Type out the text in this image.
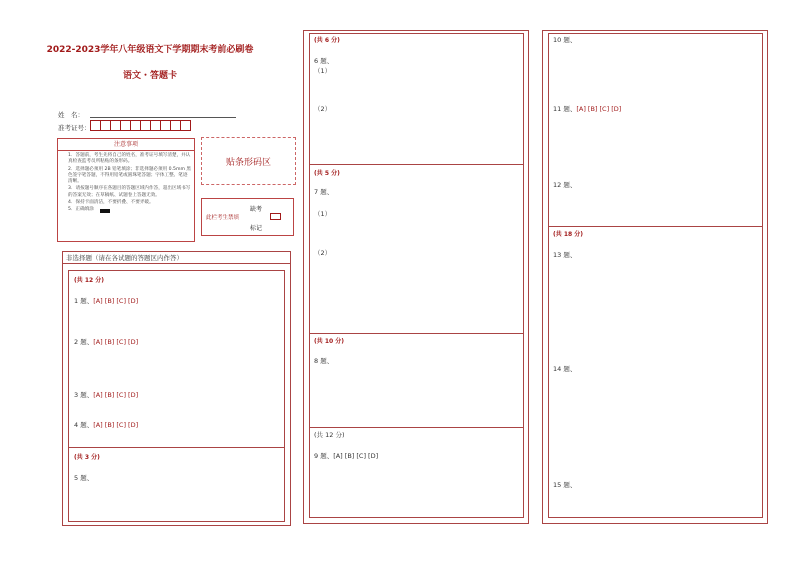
2022-2023学年八年级语文下学期期末考前必刷卷
语文・答题卡
姓　名：
准考证号：
注意事项
1．答题前，考生先将自己的姓名，准考证号填写清楚，并认真检查监考员所粘贴的条形码。
2．选择题必须用 2B 铅笔填涂；非选择题必须用 0.5mm 黑色签字笔答题，不得用铅笔或圆珠笔答题；字体工整、笔迹清晰。
3．请按题号顺序在各题目的答题区域内作答，超出区域书写的答案无效；在草稿纸、试题卷上答题无效。
4．保持卡面清洁，不要折叠、不要弄破。
5．正确填涂
贴条形码区
此栏考生禁填
缺考
标记
非选择题（请在各试题的答题区内作答）
(共 12 分)
1 题、[A] [B] [C] [D]
2 题、[A] [B] [C] [D]
3 题、[A] [B] [C] [D]
4 题、[A] [B] [C] [D]
(共 3 分)
5 题、
(共 6 分)
6 题、
（1）
（2）
(共 5 分)
7 题、
（1）
（2）
(共 10 分)
8 题、
(共 12 分)
9 题、[A] [B] [C] [D]
10 题、
11 题、[A] [B] [C] [D]
12 题、
(共 18 分)
13 题、
14 题、
15 题、
